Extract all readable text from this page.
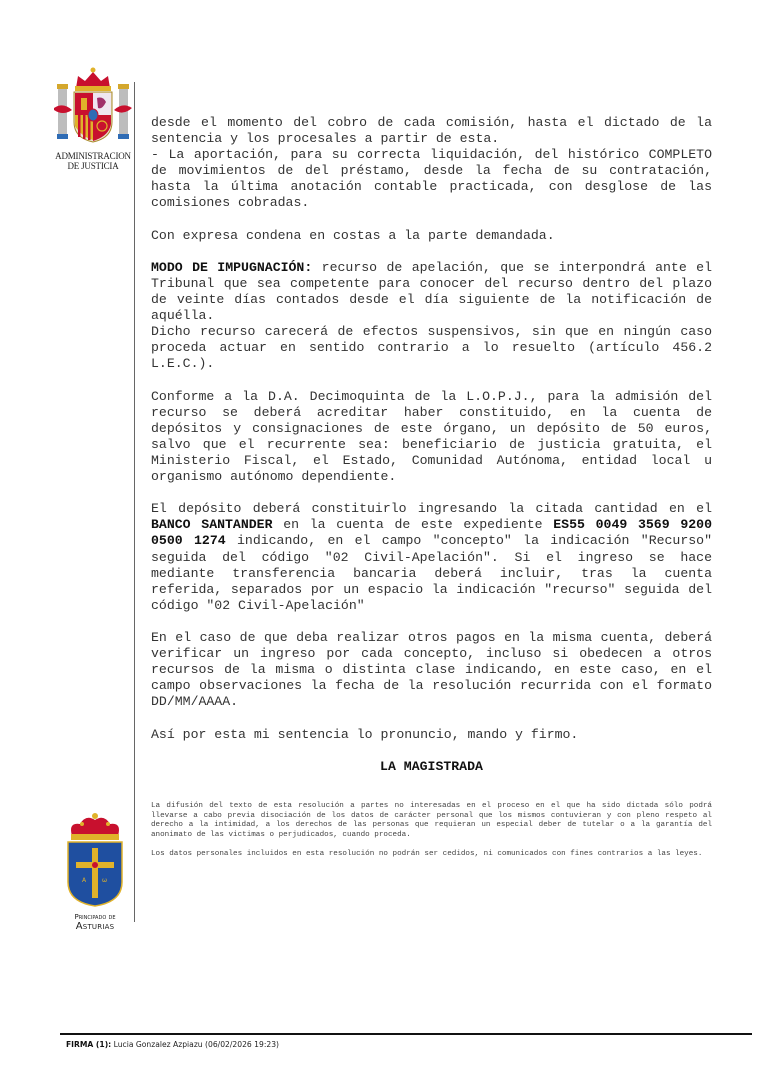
ADMINISTRACION
DE JUSTICIA

desde el momento del cobro de cada comisión, hasta el dictado de la sentencia y los procesales a partir de esta.

- La aportación, para su correcta liquidación, del histórico COMPLETO de movimientos de del préstamo, desde la fecha de su contratación, hasta la última anotación contable practicada, con desglose de las comisiones cobradas.

Con expresa condena en costas a la parte demandada.

MODO DE IMPUGNACIÓN: recurso de apelación, que se interpondrá ante el Tribunal que sea competente para conocer del recurso dentro del plazo de veinte días contados desde el día siguiente de la notificación de aquélla.

Dicho recurso carecerá de efectos suspensivos, sin que en ningún caso proceda actuar en sentido contrario a lo resuelto (artículo 456.2 L.E.C.).

Conforme a la D.A. Decimoquinta de la L.O.P.J., para la admisión del recurso se deberá acreditar haber constituido, en la cuenta de depósitos y consignaciones de este órgano, un depósito de 50 euros, salvo que el recurrente sea: beneficiario de justicia gratuita, el Ministerio Fiscal, el Estado, Comunidad Autónoma, entidad local u organismo autónomo dependiente.

El depósito deberá constituirlo ingresando la citada cantidad en el BANCO SANTANDER en la cuenta de este expediente ES55 0049 3569 9200 0500 1274 indicando, en el campo "concepto" la indicación "Recurso" seguida del código "02 Civil-Apelación". Si el ingreso se hace mediante transferencia bancaria deberá incluir, tras la cuenta referida, separados por un espacio la indicación "recurso" seguida del código "02 Civil-Apelación"

En el caso de que deba realizar otros pagos en la misma cuenta, deberá verificar un ingreso por cada concepto, incluso si obedecen a otros recursos de la misma o distinta clase indicando, en este caso, en el campo observaciones la fecha de la resolución recurrida con el formato DD/MM/AAAA.

Así por esta mi sentencia lo pronuncio, mando y firmo.

LA MAGISTRADA

La difusión del texto de esta resolución a partes no interesadas en el proceso en el que ha sido dictada sólo podrá llevarse a cabo previa disociación de los datos de carácter personal que los mismos contuvieran y con pleno respeto al derecho a la intimidad, a los derechos de las personas que requieran un especial deber de tutelar o a la garantía del anonimato de las victimas o perjudicados, cuando proceda.

Los datos personales incluidos en esta resolución no podrán ser cedidos, ni comunicados con fines contrarios a las leyes.

A	ω
Principado de
Asturias
FIRMA (1): Lucia Gonzalez Azpiazu (06/02/2026 19:23)
